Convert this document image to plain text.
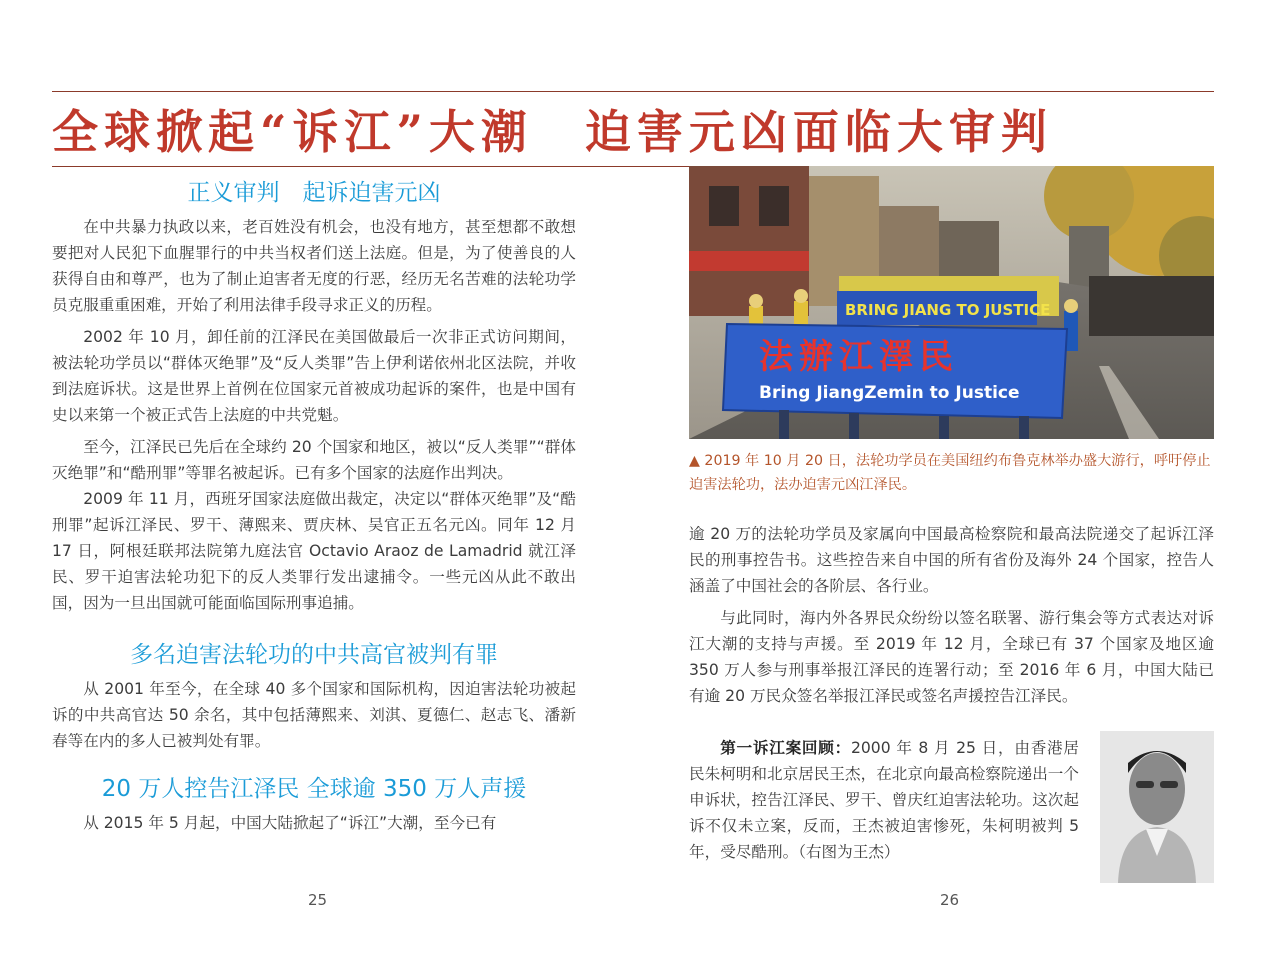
全球掀起“诉江”大潮　迫害元凶面临大审判
正义审判　起诉迫害元凶

在中共暴力执政以来，老百姓没有机会，也没有地方，甚至想都不敢想要把对人民犯下血腥罪行的中共当权者们送上法庭。但是，为了使善良的人获得自由和尊严，也为了制止迫害者无度的行恶，经历无名苦难的法轮功学员克服重重困难，开始了利用法律手段寻求正义的历程。

2002 年 10 月，卸任前的江泽民在美国做最后一次非正式访问期间，被法轮功学员以“群体灭绝罪”及“反人类罪”告上伊利诺依州北区法院，并收到法庭诉状。这是世界上首例在位国家元首被成功起诉的案件，也是中国有史以来第一个被正式告上法庭的中共党魁。

至今，江泽民已先后在全球约 20 个国家和地区，被以“反人类罪”“群体灭绝罪”和“酷刑罪”等罪名被起诉。已有多个国家的法庭作出判决。

2009 年 11 月，西班牙国家法庭做出裁定，决定以“群体灭绝罪”及“酷刑罪”起诉江泽民、罗干、薄熙来、贾庆林、吴官正五名元凶。同年 12 月 17 日，阿根廷联邦法院第九庭法官 Octavio Araoz de Lamadrid 就江泽民、罗干迫害法轮功犯下的反人类罪行发出逮捕令。一些元凶从此不敢出国，因为一旦出国就可能面临国际刑事追捕。

多名迫害法轮功的中共高官被判有罪

从 2001 年至今，在全球 40 多个国家和国际机构，因迫害法轮功被起诉的中共高官达 50 余名，其中包括薄熙来、刘淇、夏德仁、赵志飞、潘新春等在内的多人已被判处有罪。

20 万人控告江泽民 全球逾 350 万人声援

从 2015 年 5 月起，中国大陆掀起了“诉江”大潮，至今已有

25
BRING JIANG TO JUSTICE
法辦江澤民
Bring JiangZemin to Justice
▲ 2019 年 10 月 20 日，法轮功学员在美国纽约布鲁克林举办盛大游行，呼吁停止迫害法轮功，法办迫害元凶江泽民。

逾 20 万的法轮功学员及家属向中国最高检察院和最高法院递交了起诉江泽民的刑事控告书。这些控告来自中国的所有省份及海外 24 个国家，控告人涵盖了中国社会的各阶层、各行业。

与此同时，海内外各界民众纷纷以签名联署、游行集会等方式表达对诉江大潮的支持与声援。至 2019 年 12 月，全球已有 37 个国家及地区逾 350 万人参与刑事举报江泽民的连署行动；至 2016 年 6 月，中国大陆已有逾 20 万民众签名举报江泽民或签名声援控告江泽民。

第一诉江案回顾：2000 年 8 月 25 日，由香港居民朱柯明和北京居民王杰，在北京向最高检察院递出一个申诉状，控告江泽民、罗干、曾庆红迫害法轮功。这次起诉不仅未立案，反而，王杰被迫害惨死，朱柯明被判 5 年，受尽酷刑。（右图为王杰）

26
